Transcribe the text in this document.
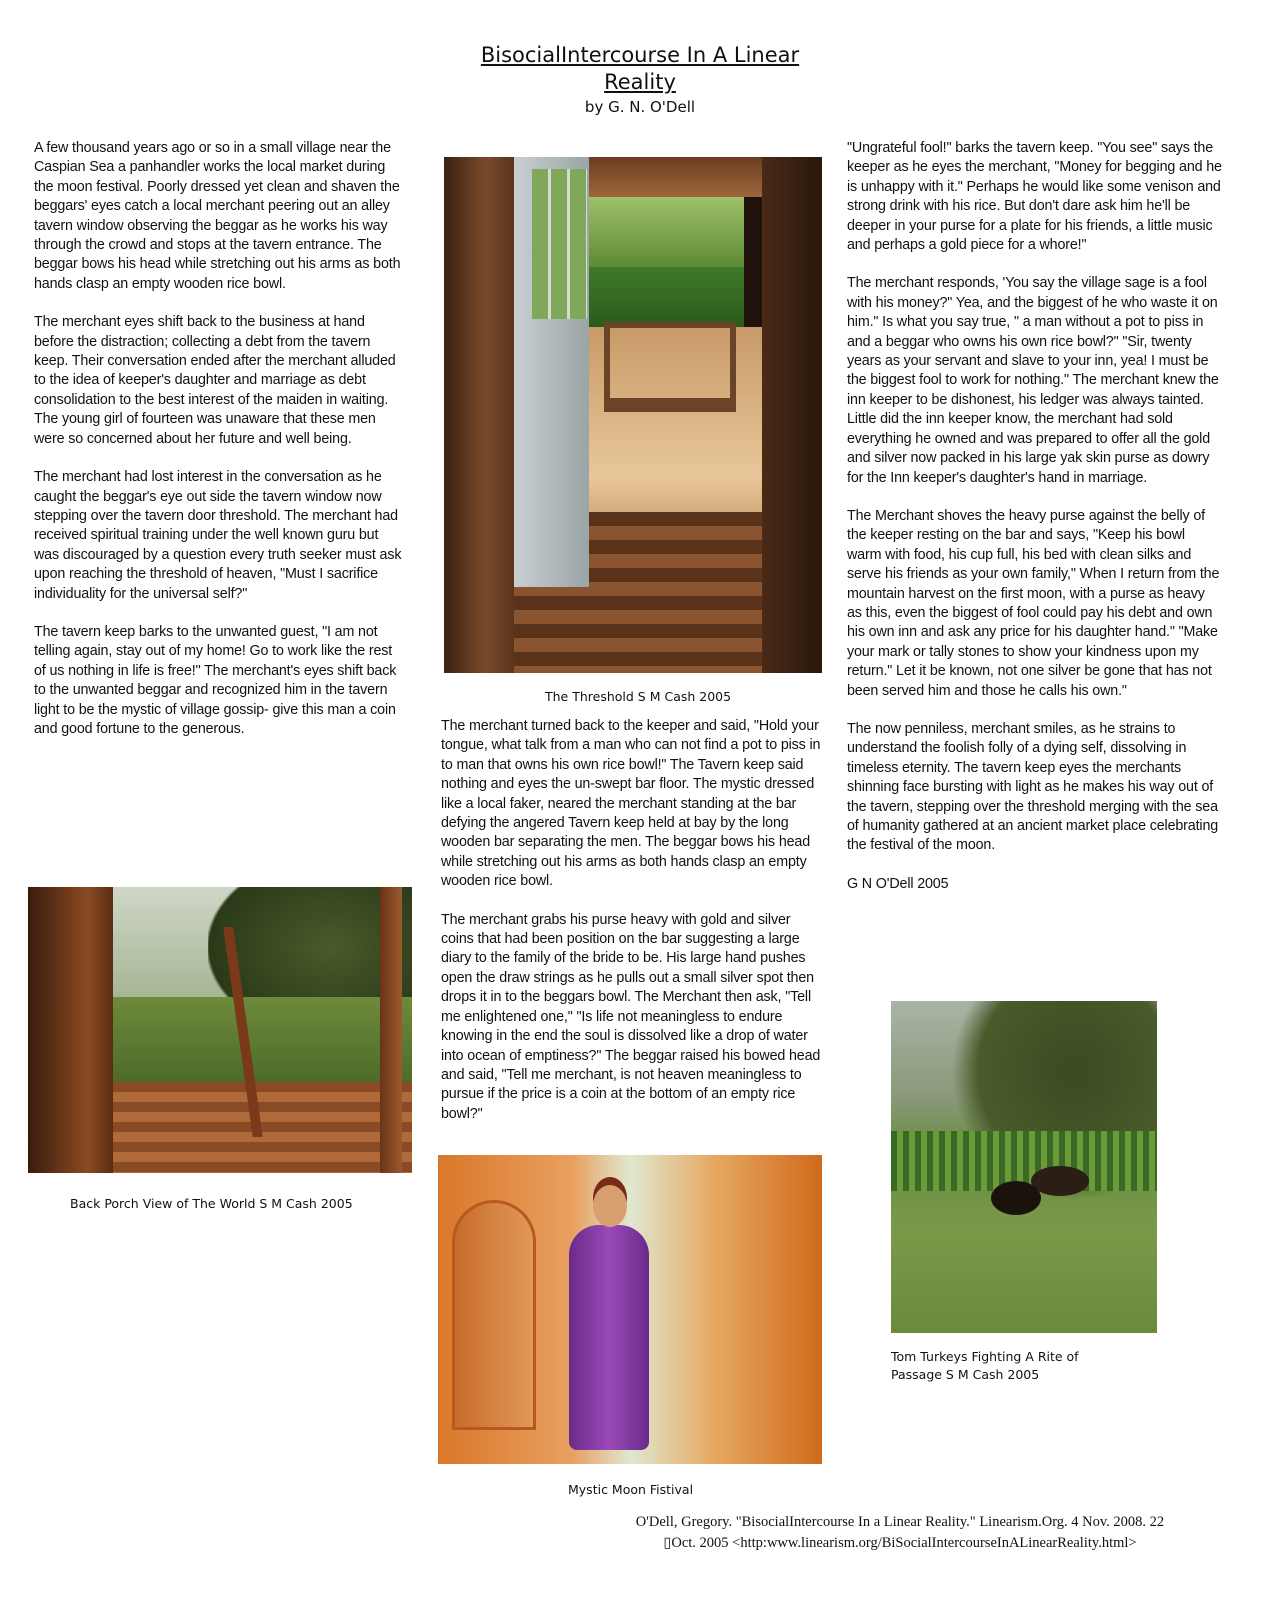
BisocialIntercourse In A Linear
Reality
by G. N. O'Dell

A few thousand years ago or so in a small village near the Caspian Sea a panhandler works the local market during the moon festival. Poorly dressed yet clean and shaven the beggars' eyes catch a local merchant peering out an alley tavern window observing the beggar as he works his way through the crowd and stops at the tavern entrance. The beggar bows his head while stretching out his arms as both hands clasp an empty wooden rice bowl.

The merchant eyes shift back to the business at hand before the distraction; collecting a debt from the tavern keep. Their conversation ended after the merchant alluded to the idea of keeper's daughter and marriage as debt consolidation to the best interest of the maiden in waiting. The young girl of fourteen was unaware that these men were so concerned about her future and well being.

The merchant had lost interest in the conversation as he caught the beggar's eye out side the tavern window now stepping over the tavern door threshold. The merchant had received spiritual training under the well known guru but was discouraged by a question every truth seeker must ask upon reaching the threshold of heaven, "Must I sacrifice individuality for the universal self?"

The tavern keep barks to the unwanted guest, "I am not telling again, stay out of my home! Go to work like the rest of us nothing in life is free!" The merchant's eyes shift back to the unwanted beggar and recognized him in the tavern light to be the mystic of village gossip- give this man a coin and good fortune to the generous.	The merchant turned back to the keeper and said, "Hold your tongue, what talk from a man who can not find a pot to piss in to man that owns his own rice bowl!" The Tavern keep said nothing and eyes the un-swept bar floor. The mystic dressed like a local faker, neared the merchant standing at the bar defying the angered Tavern keep held at bay by the long wooden bar separating the men. The beggar bows his head while stretching out his arms as both hands clasp an empty wooden rice bowl.

The merchant grabs his purse heavy with gold and silver coins that had been position on the bar suggesting a large diary to the family of the bride to be. His large hand pushes open the draw strings as he pulls out a small silver spot then drops it in to the beggars bowl. The Merchant then ask, "Tell me enlightened one," "Is life not meaningless to endure knowing in the end the soul is dissolved like a drop of water into ocean of emptiness?" The beggar raised his bowed head and said, "Tell me merchant, is not heaven meaningless to pursue if the price is a coin at the bottom of an empty rice bowl?"

"Ungrateful fool!" barks the tavern keep. "You see" says the keeper as he eyes the merchant, "Money for begging and he is unhappy with it." Perhaps he would like some venison and strong drink with his rice. But don't dare ask him he'll be deeper in your purse for a plate for his friends, a little music and perhaps a gold piece for a whore!"

The merchant responds, 'You say the village sage is a fool with his money?" Yea, and the biggest of he who waste it on him." Is what you say true, " a man without a pot to piss in and a beggar who owns his own rice bowl?" "Sir, twenty years as your servant and slave to your inn, yea! I must be the biggest fool to work for nothing." The merchant knew the inn keeper to be dishonest, his ledger was always tainted. Little did the inn keeper know, the merchant had sold everything he owned and was prepared to offer all the gold and silver now packed in his large yak skin purse as dowry for the Inn keeper's daughter's hand in marriage.

The Merchant shoves the heavy purse against the belly of the keeper resting on the bar and says, "Keep his bowl warm with food, his cup full, his bed with clean silks and serve his friends as your own family," When I return from the mountain harvest on the first moon, with a purse as heavy as this, even the biggest of fool could pay his debt and own his own inn and ask any price for his daughter hand." "Make your mark or tally stones to show your kindness upon my return." Let it be known, not one silver be gone that has not been served him and those he calls his own."

The now penniless, merchant smiles, as he strains to understand the foolish folly of a dying self, dissolving in timeless eternity. The tavern keep eyes the merchants shinning face bursting with light as he makes his way out of the tavern, stepping over the threshold merging with the sea of humanity gathered at an ancient market place celebrating the festival of the moon.

G N O'Dell 2005

The Threshold S M Cash 2005
Back Porch View of The World S M Cash 2005
Mystic Moon Fistival
Tom Turkeys Fighting A Rite of
Passage S M Cash 2005
O'Dell, Gregory. "BisocialIntercourse In a Linear Reality." Linearism.Org. 4 Nov. 2008. 22
▯Oct. 2005 <http:www.linearism.org/BiSocialIntercourseInALinearReality.html>
